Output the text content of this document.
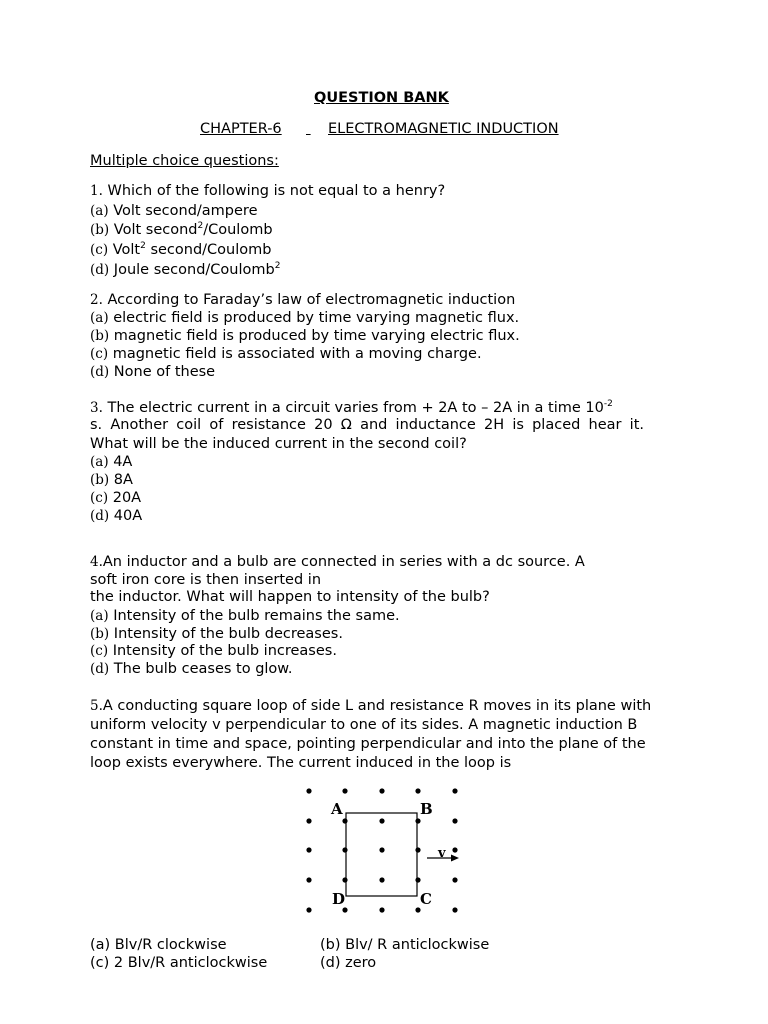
QUESTION BANK
CHAPTER-6
	ELECTROMAGNETIC INDUCTION
Multiple choice questions:
1. Which of the following is not equal to a henry?
(a) Volt second/ampere
(b) Volt second$^2$/Coulomb
(c) Volt$^2$ second/Coulomb
(d) Joule second/Coulomb$^2$
2. According to Faraday’s law of electromagnetic induction
(a) electric field is produced by time varying magnetic flux.
(b) magnetic field is produced by time varying electric flux.
(c) magnetic field is associated with a moving charge.
(d) None of these
3. The electric current in a circuit varies from + 2A to – 2A in a time $10^{-2}$
s. Another coil of resistance 20 Ω and inductance 2H is placed hear it.
What will be the induced current in the second coil?
(a) 4A
(b) 8A
(c) 20A
(d) 40A
4.An inductor and a bulb are connected in series with a dc source. A
soft iron core is then inserted in
the inductor. What will happen to intensity of the bulb?
(a) Intensity of the bulb remains the same.
(b) Intensity of the bulb decreases.
(c) Intensity of the bulb increases.
(d) The bulb ceases to glow.
5.A conducting square loop of side L and resistance R moves in its plane with
uniform velocity v perpendicular to one of its sides. A magnetic induction B
constant in time and space, pointing perpendicular and into the plane of the
loop exists everywhere. The current induced in the loop is
A	B
C
D
v
(a) Blv/R clockwise	(b) Blv/ R anticlockwise
(c) 2 Blv/R anticlockwise	(d) zero
